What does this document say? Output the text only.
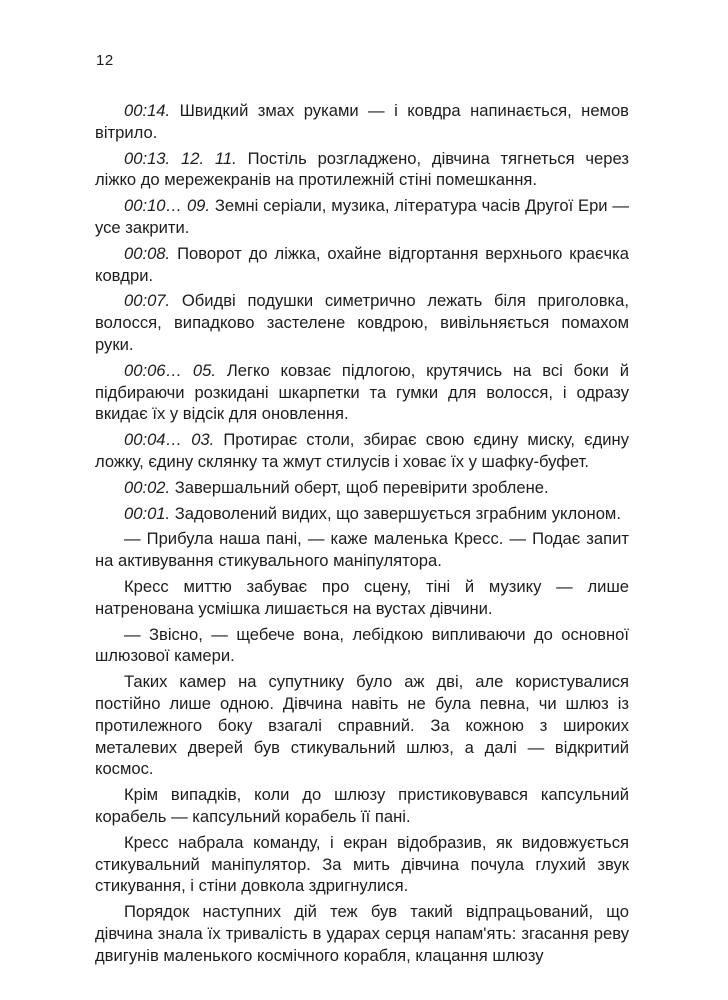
12

00:14. Швидкий змах руками — і ковдра напинається, немов вітрило.

00:13. 12. 11. Постіль розгладжено, дівчина тягнеться через ліжко до мережекранів на протилежній стіні помешкання.

00:10… 09. Земні серіали, музика, література часів Другої Ери — усе закрити.

00:08. Поворот до ліжка, охайне відгортання верхнього краєчка ковдри.

00:07. Обидві подушки симетрично лежать біля приголовка, волосся, випадково застелене ковдрою, вивільняється помахом руки.

00:06… 05. Легко ковзає підлогою, крутячись на всі боки й підбираючи розкидані шкарпетки та гумки для волосся, і одразу вкидає їх у відсік для оновлення.

00:04… 03. Протирає столи, збирає свою єдину миску, єдину ложку, єдину склянку та жмут стилусів і ховає їх у шафку-буфет.

00:02. Завершальний оберт, щоб перевірити зроблене.

00:01. Задоволений видих, що завершується зграбним уклоном.

— Прибула наша пані, — каже маленька Кресс. — Подає запит на активування стикувального маніпулятора.

Кресс миттю забуває про сцену, тіні й музику — лише натренована усмішка лишається на вустах дівчини.

— Звісно, — щебече вона, лебідкою випливаючи до основної шлюзової камери.

Таких камер на супутнику було аж дві, але користувалися постійно лише одною. Дівчина навіть не була певна, чи шлюз із протилежного боку взагалі справний. За кожною з широких металевих дверей був стикувальний шлюз, а далі — відкритий космос.

Крім випадків, коли до шлюзу пристиковувався капсульний корабель — капсульний корабель її пані.

Кресс набрала команду, і екран відобразив, як видовжується стикувальний маніпулятор. За мить дівчина почула глухий звук стикування, і стіни довкола здригнулися.

Порядок наступних дій теж був такий відпрацьований, що дівчина знала їх тривалість в ударах серця напам'ять: згасання реву двигунів маленького космічного корабля, клацання шлюзу
